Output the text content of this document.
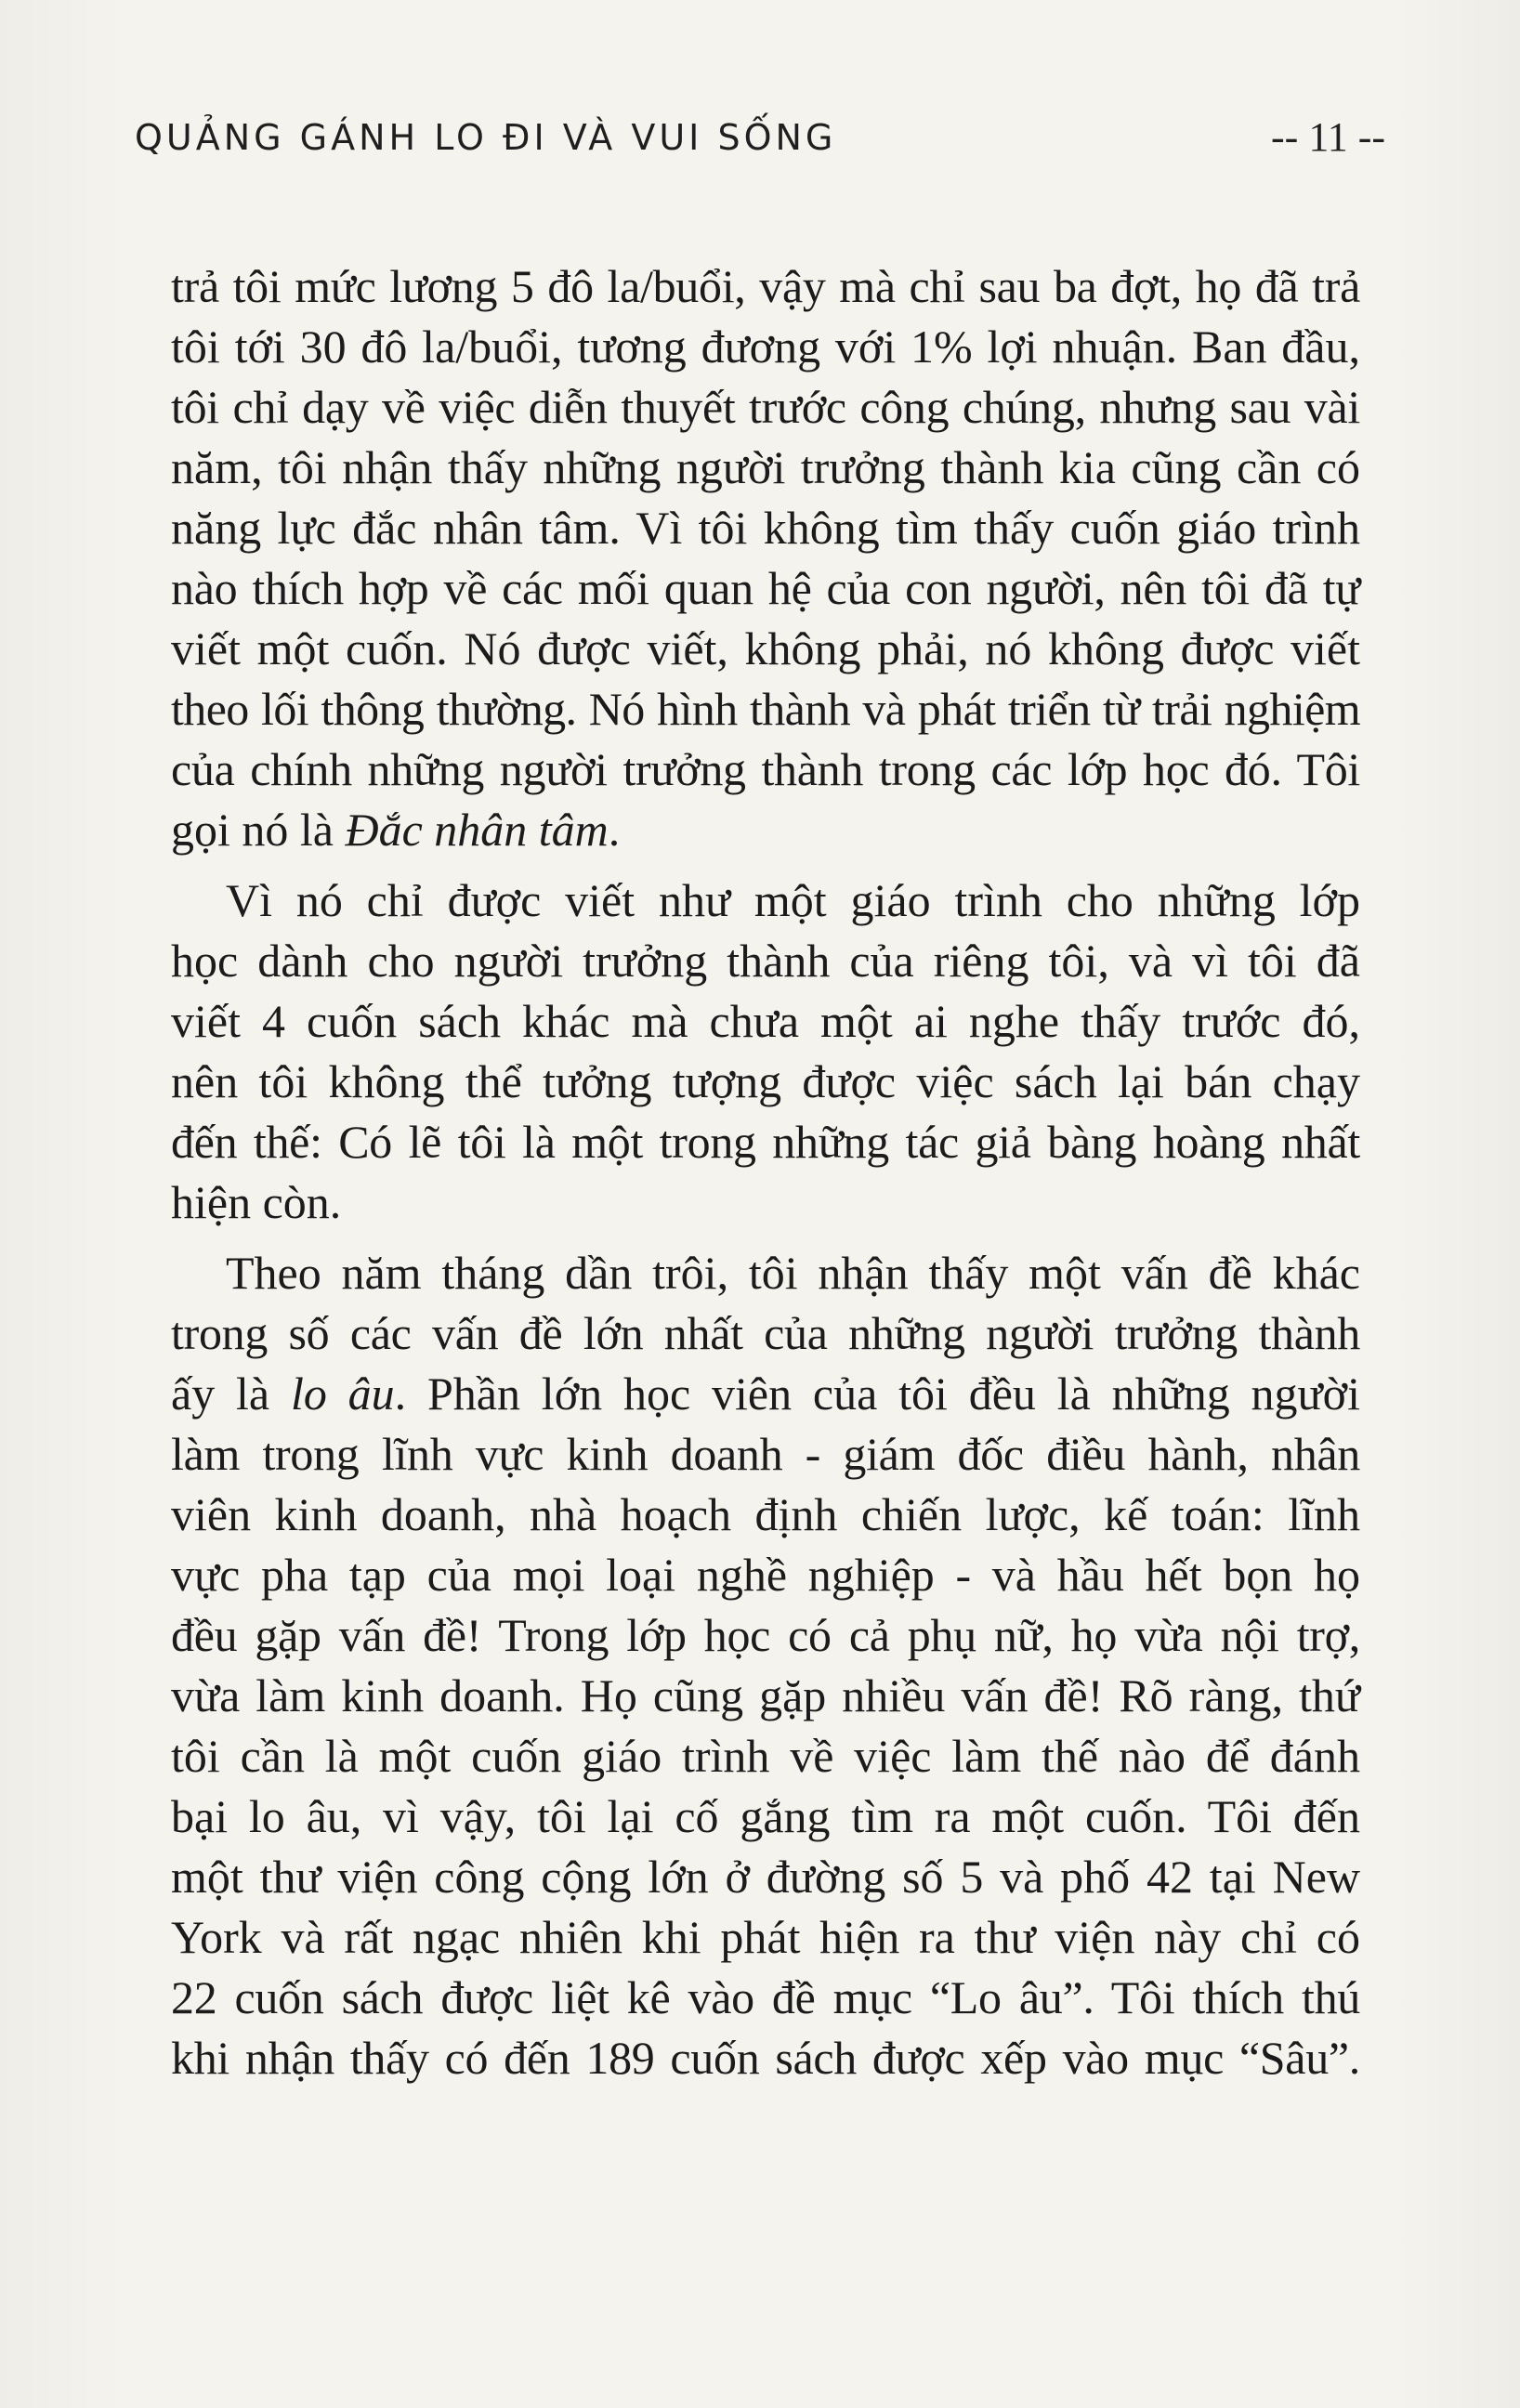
QUẢNG GÁNH LO ĐI VÀ VUI SỐNG	-- 11 --
trả tôi mức lương 5 đô la/buổi, vậy mà chỉ sau ba đợt, họ đã trả
tôi tới 30 đô la/buổi, tương đương với 1% lợi nhuận. Ban đầu,
tôi chỉ dạy về việc diễn thuyết trước công chúng, nhưng sau vài
năm, tôi nhận thấy những người trưởng thành kia cũng cần có
năng lực đắc nhân tâm. Vì tôi không tìm thấy cuốn giáo trình
nào thích hợp về các mối quan hệ của con người, nên tôi đã tự
viết một cuốn. Nó được viết, không phải, nó không được viết
theo lối thông thường. Nó hình thành và phát triển từ trải nghiệm
của chính những người trưởng thành trong các lớp học đó. Tôi
gọi nó là Đắc nhân tâm.
Vì nó chỉ được viết như một giáo trình cho những lớp
học dành cho người trưởng thành của riêng tôi, và vì tôi đã
viết 4 cuốn sách khác mà chưa một ai nghe thấy trước đó,
nên tôi không thể tưởng tượng được việc sách lại bán chạy
đến thế: Có lẽ tôi là một trong những tác giả bàng hoàng nhất
hiện còn.
Theo năm tháng dần trôi, tôi nhận thấy một vấn đề khác
trong số các vấn đề lớn nhất của những người trưởng thành
ấy là lo âu. Phần lớn học viên của tôi đều là những người
làm trong lĩnh vực kinh doanh - giám đốc điều hành, nhân
viên kinh doanh, nhà hoạch định chiến lược, kế toán: lĩnh
vực pha tạp của mọi loại nghề nghiệp - và hầu hết bọn họ
đều gặp vấn đề! Trong lớp học có cả phụ nữ, họ vừa nội trợ,
vừa làm kinh doanh. Họ cũng gặp nhiều vấn đề! Rõ ràng, thứ
tôi cần là một cuốn giáo trình về việc làm thế nào để đánh
bại lo âu, vì vậy, tôi lại cố gắng tìm ra một cuốn. Tôi đến
một thư viện công cộng lớn ở đường số 5 và phố 42 tại New
York và rất ngạc nhiên khi phát hiện ra thư viện này chỉ có
22 cuốn sách được liệt kê vào đề mục “Lo âu”. Tôi thích thú
khi nhận thấy có đến 189 cuốn sách được xếp vào mục “Sâu”.
